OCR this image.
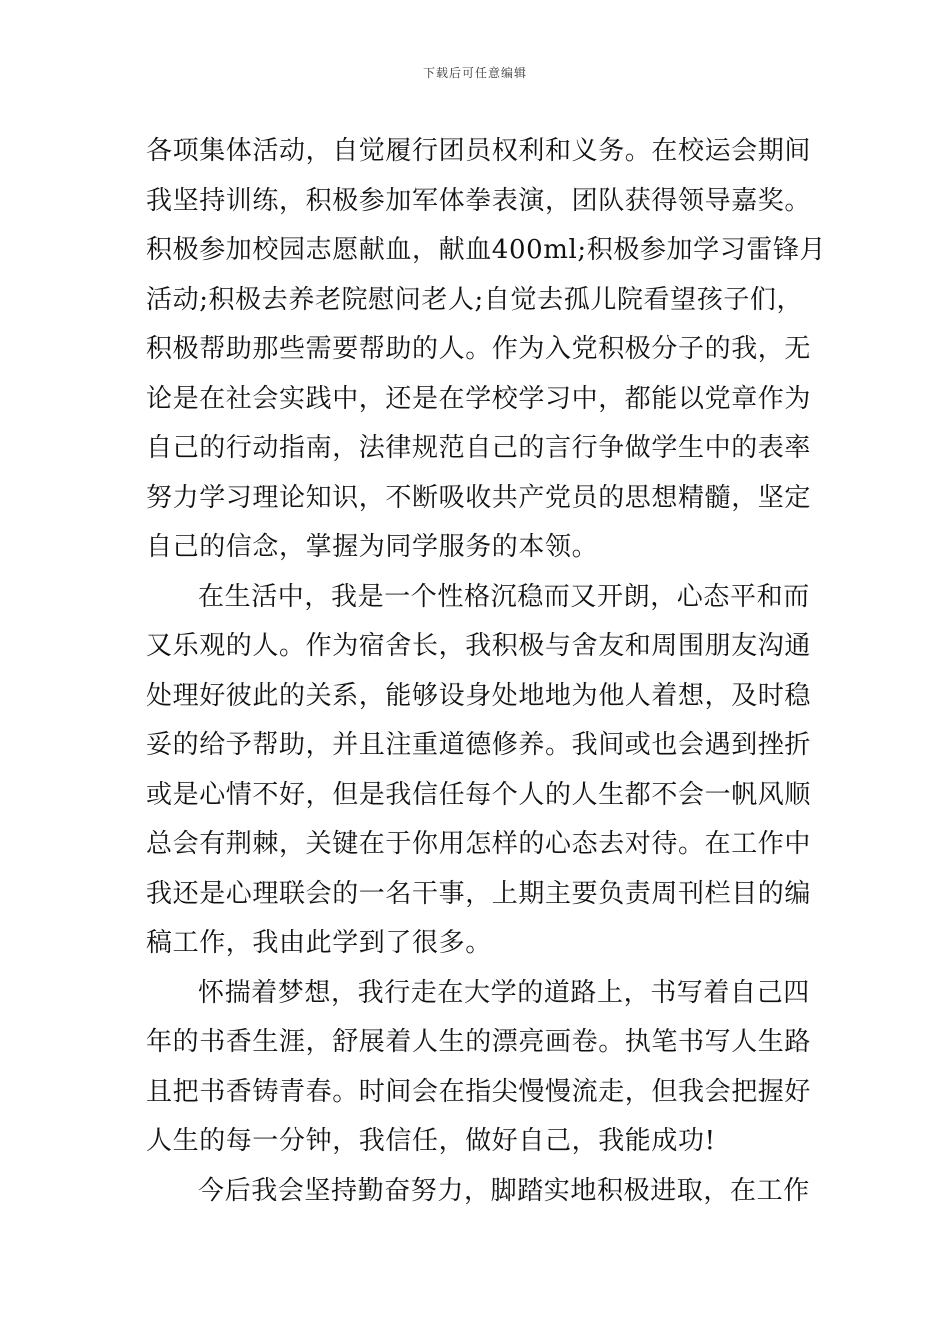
下载后可任意编辑
各项集体活动，自觉履行团员权利和义务。在校运会期间
我坚持训练，积极参加军体拳表演，团队获得领导嘉奖。
积极参加校园志愿献血，献血400ml;积极参加学习雷锋月
活动;积极去养老院慰问老人;自觉去孤儿院看望孩子们，
积极帮助那些需要帮助的人。作为入党积极分子的我，无
论是在社会实践中，还是在学校学习中，都能以党章作为
自己的行动指南，法律规范自己的言行争做学生中的表率
努力学习理论知识，不断吸收共产党员的思想精髓，坚定
自己的信念，掌握为同学服务的本领。
在生活中，我是一个性格沉稳而又开朗，心态平和而
又乐观的人。作为宿舍长，我积极与舍友和周围朋友沟通
处理好彼此的关系，能够设身处地地为他人着想，及时稳
妥的给予帮助，并且注重道德修养。我间或也会遇到挫折
或是心情不好，但是我信任每个人的人生都不会一帆风顺
总会有荆棘，关键在于你用怎样的心态去对待。在工作中
我还是心理联会的一名干事，上期主要负责周刊栏目的编
稿工作，我由此学到了很多。
怀揣着梦想，我行走在大学的道路上，书写着自己四
年的书香生涯，舒展着人生的漂亮画卷。执笔书写人生路
且把书香铸青春。时间会在指尖慢慢流走，但我会把握好
人生的每一分钟，我信任，做好自己，我能成功!
今后我会坚持勤奋努力，脚踏实地积极进取，在工作
